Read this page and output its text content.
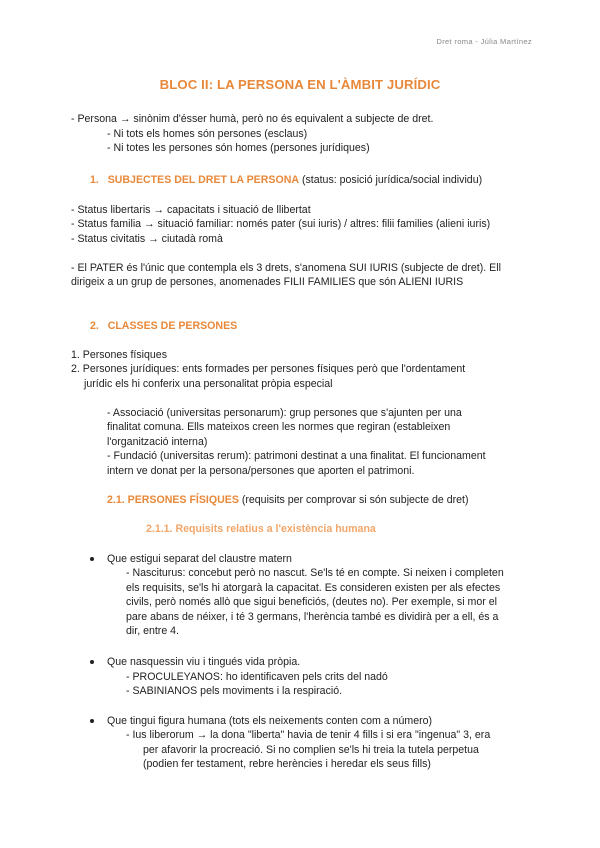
Dret roma - Júlia Martínez
BLOC II: LA PERSONA EN L'ÀMBIT JURÍDIC
- Persona → sinònim d'ésser humà, però no és equivalent a subjecte de dret.
- Ni tots els homes són persones (esclaus)
- Ni totes les persones són homes (persones jurídiques)
1. SUBJECTES DEL DRET LA PERSONA (status: posició jurídica/social individu)
- Status libertaris → capacitats i situació de llibertat
- Status familia → situació familiar: només pater (sui iuris) / altres: filii families (alieni iuris)
- Status civitatis → ciutadà romà
- El PATER és l'únic que contempla els 3 drets, s'anomena SUI IURIS (subjecte de dret). Ell
dirigeix a un grup de persones, anomenades FILII FAMILIES que són ALIENI IURIS
2. CLASSES DE PERSONES
1. Persones físiques
2. Persones jurídiques: ents formades per persones físiques però que l'ordentament
jurídic els hi conferix una personalitat pròpia especial
- Associació (universitas personarum): grup persones que s'ajunten per una
finalitat comuna. Ells mateixos creen les normes que regiran (estableixen
l'organització interna)
- Fundació (universitas rerum): patrimoni destinat a una finalitat. El funcionament
intern ve donat per la persona/persones que aporten el patrimoni.
2.1. PERSONES FÍSIQUES (requisits per comprovar si són subjecte de dret)
2.1.1. Requisits relatius a l'existència humana
Que estigui separat del claustre matern
- Nasciturus: concebut però no nascut. Se'ls té en compte. Si neixen i completen
els requisits, se'ls hi atorgarà la capacitat. Es consideren existen per als efectes
civils, però només allò que sigui beneficiós, (deutes no). Per exemple, si mor el
pare abans de néixer, i té 3 germans, l'herència també es dividirà per a ell, és a
dir, entre 4.
Que nasquessin viu i tingués vida pròpia.
- PROCULEYANOS: ho identificaven pels crits del nadó
- SABINIANOS pels moviments i la respiració.
Que tingui figura humana (tots els neixements conten com a número)
- Ius liberorum → la dona "liberta" havia de tenir 4 fills i si era "ingenua" 3, era
per afavorir la procreació. Si no complien se'ls hi treia la tutela perpetua
(podien fer testament, rebre herències i heredar els seus fills)
